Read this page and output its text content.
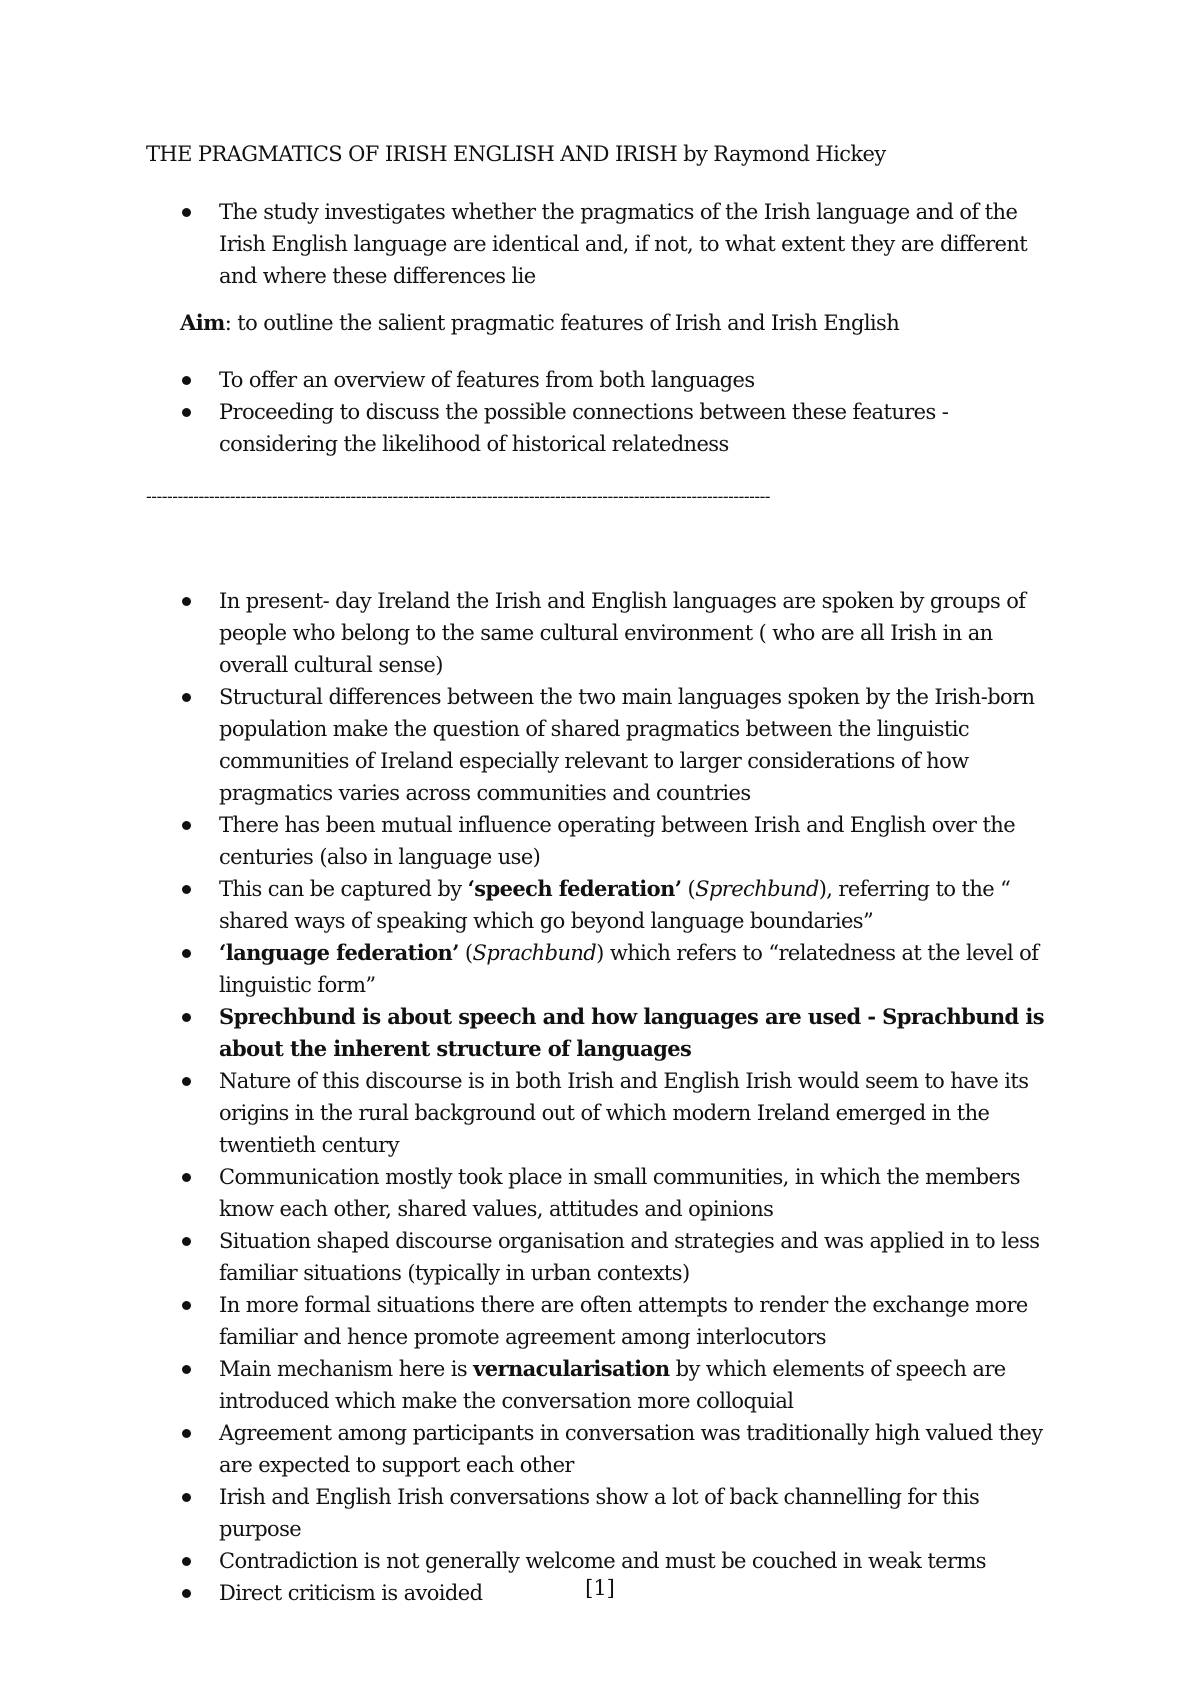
THE PRAGMATICS OF IRISH ENGLISH AND IRISH by Raymond Hickey
The study investigates whether the pragmatics of the Irish language and of the Irish English language are identical and, if not, to what extent they are different and where these differences lie
Aim: to outline the salient pragmatic features of Irish and Irish English
To offer an overview of features from both languages
Proceeding to discuss the possible connections between these features - considering the likelihood of historical relatedness
-----------------------------------------------------------------------------------------------------------------------
In present- day Ireland the Irish and English languages are spoken by groups of people who belong to the same cultural environment ( who are all Irish in an overall cultural sense)
Structural differences between the two main languages spoken by the Irish-born population make the question of shared pragmatics between the linguistic communities of Ireland especially relevant to larger considerations of how pragmatics varies across communities and countries
There has been mutual influence operating between Irish and English over the centuries (also in language use)
This can be captured by ‘speech federation’ (Sprechbund), referring to the “ shared ways of speaking which go beyond language boundaries”
‘language federation’ (Sprachbund) which refers to “relatedness at the level of linguistic form”
Sprechbund is about speech and how languages are used - Sprachbund is about the inherent structure of languages
Nature of this discourse is in both Irish and English Irish would seem to have its origins in the rural background out of which modern Ireland emerged in the twentieth century
Communication mostly took place in small communities, in which the members know each other, shared values, attitudes and opinions
Situation shaped discourse organisation and strategies and was applied in to less familiar situations (typically in urban contexts)
In more formal situations there are often attempts to render the exchange more familiar and hence promote agreement among interlocutors
Main mechanism here is vernacularisation by which elements of speech are introduced which make the conversation more colloquial
Agreement among participants in conversation was traditionally high valued they are expected to support each other
Irish and English Irish conversations show a lot of back channelling for this purpose
Contradiction is not generally welcome and must be couched in weak terms
Direct criticism is avoided	[1]
